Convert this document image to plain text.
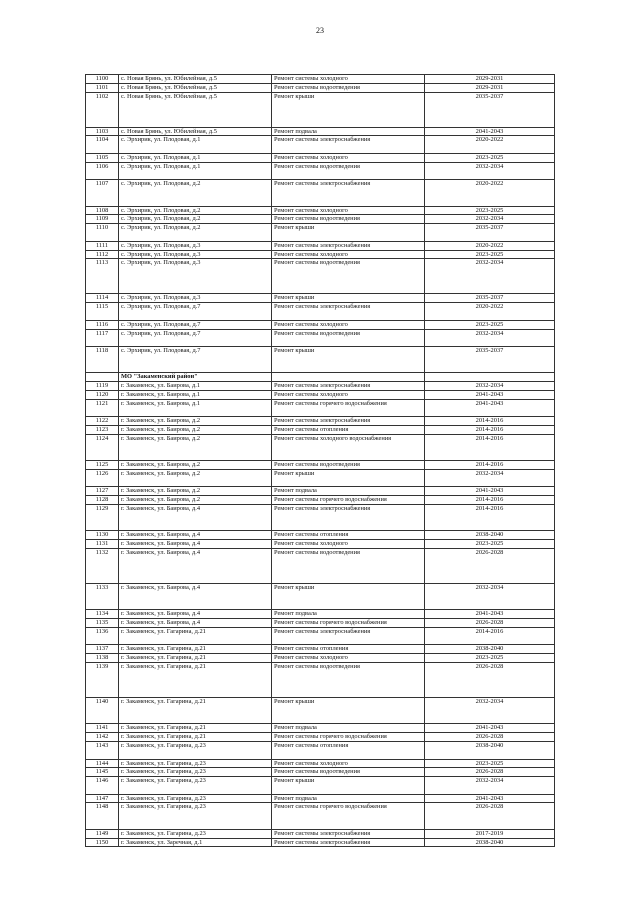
23
1100	с. Новая Брянь, ул. Юбилейная, д.5	Ремонт системы холодного	2029-2031
1101	с. Новая Брянь, ул. Юбилейная, д.5	Ремонт системы водоотведения	2029-2031
1102	с. Новая Брянь, ул. Юбилейная, д.5	Ремонт крыши	2035-2037
1103	с. Новая Брянь, ул. Юбилейная, д.5	Ремонт подвала	2041-2043
1104	с. Эрхирик, ул. Плодовая, д.1	Ремонт системы электроснабжения	2020-2022
1105	с. Эрхирик, ул. Плодовая, д.1	Ремонт системы холодного	2023-2025
1106	с. Эрхирик, ул. Плодовая, д.1	Ремонт системы водоотведения	2032-2034
1107	с. Эрхирик, ул. Плодовая, д.2	Ремонт системы электроснабжения	2020-2022
1108	с. Эрхирик, ул. Плодовая, д.2	Ремонт системы холодного	2023-2025
1109	с. Эрхирик, ул. Плодовая, д.2	Ремонт системы водоотведения	2032-2034
1110	с. Эрхирик, ул. Плодовая, д.2	Ремонт крыши	2035-2037
1111	с. Эрхирик, ул. Плодовая, д.3	Ремонт системы электроснабжения	2020-2022
1112	с. Эрхирик, ул. Плодовая, д.3	Ремонт системы холодного	2023-2025
1113	с. Эрхирик, ул. Плодовая, д.3	Ремонт системы водоотведения	2032-2034
1114	с. Эрхирик, ул. Плодовая, д.3	Ремонт крыши	2035-2037
1115	с. Эрхирик, ул. Плодовая, д.7	Ремонт системы электроснабжения	2020-2022
1116	с. Эрхирик, ул. Плодовая, д.7	Ремонт системы холодного	2023-2025
1117	с. Эрхирик, ул. Плодовая, д.7	Ремонт системы водоотведения	2032-2034
1118	с. Эрхирик, ул. Плодовая, д.7	Ремонт крыши	2035-2037
	МО "Закаменский район"		
1119	г. Закаменск, ул. Баирова, д.1	Ремонт системы электроснабжения	2032-2034
1120	г. Закаменск, ул. Баирова, д.1	Ремонт системы холодного	2041-2043
1121	г. Закаменск, ул. Баирова, д.1	Ремонт системы горячего водоснабжения	2041-2043
1122	г. Закаменск, ул. Баирова, д.2	Ремонт системы электроснабжения	2014-2016
1123	г. Закаменск, ул. Баирова, д.2	Ремонт системы отопления	2014-2016
1124	г. Закаменск, ул. Баирова, д.2	Ремонт системы холодного водоснабжения	2014-2016
1125	г. Закаменск, ул. Баирова, д.2	Ремонт системы водоотведения	2014-2016
1126	г. Закаменск, ул. Баирова, д.2	Ремонт крыши	2032-2034
1127	г. Закаменск, ул. Баирова, д.2	Ремонт подвала	2041-2043
1128	г. Закаменск, ул. Баирова, д.2	Ремонт системы горячего водоснабжения	2014-2016
1129	г. Закаменск, ул. Баирова, д.4	Ремонт системы электроснабжения	2014-2016
1130	г. Закаменск, ул. Баирова, д.4	Ремонт системы отопления	2038-2040
1131	г. Закаменск, ул. Баирова, д.4	Ремонт системы холодного	2023-2025
1132	г. Закаменск, ул. Баирова, д.4	Ремонт системы водоотведения	2026-2028
1133	г. Закаменск, ул. Баирова, д.4	Ремонт крыши	2032-2034
1134	г. Закаменск, ул. Баирова, д.4	Ремонт подвала	2041-2043
1135	г. Закаменск, ул. Баирова, д.4	Ремонт системы горячего водоснабжения	2026-2028
1136	г. Закаменск, ул. Гагарина, д.21	Ремонт системы электроснабжения	2014-2016
1137	г. Закаменск, ул. Гагарина, д.21	Ремонт системы отопления	2038-2040
1138	г. Закаменск, ул. Гагарина, д.21	Ремонт системы холодного	2023-2025
1139	г. Закаменск, ул. Гагарина, д.21	Ремонт системы водоотведения	2026-2028
1140	г. Закаменск, ул. Гагарина, д.21	Ремонт крыши	2032-2034
1141	г. Закаменск, ул. Гагарина, д.21	Ремонт подвала	2041-2043
1142	г. Закаменск, ул. Гагарина, д.21	Ремонт системы горячего водоснабжения	2026-2028
1143	г. Закаменск, ул. Гагарина, д.23	Ремонт системы отопления	2038-2040
1144	г. Закаменск, ул. Гагарина, д.23	Ремонт системы холодного	2023-2025
1145	г. Закаменск, ул. Гагарина, д.23	Ремонт системы водоотведения	2026-2028
1146	г. Закаменск, ул. Гагарина, д.23	Ремонт крыши	2032-2034
1147	г. Закаменск, ул. Гагарина, д.23	Ремонт подвала	2041-2043
1148	г. Закаменск, ул. Гагарина, д.23	Ремонт системы горячего водоснабжения	2026-2028
1149	г. Закаменск, ул. Гагарина, д.23	Ремонт системы электроснабжения	2017-2019
1150	г. Закаменск, ул. Заречная, д.1	Ремонт системы электроснабжения	2038-2040
